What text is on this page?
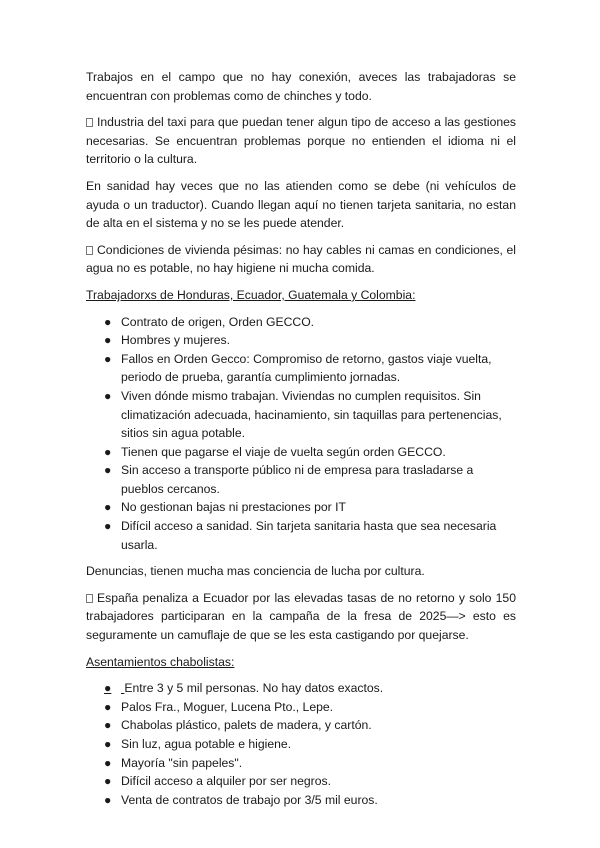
Trabajos en el campo que no hay conexión, aveces las trabajadoras se encuentran con problemas como de chinches y todo.

Industria del taxi para que puedan tener algun tipo de acceso a las gestiones necesarias. Se encuentran problemas porque no entienden el idioma ni el territorio o la cultura.

En sanidad hay veces que no las atienden como se debe (ni vehículos de ayuda o un traductor). Cuando llegan aquí no tienen tarjeta sanitaria, no estan de alta en el sistema y no se les puede atender.

Condiciones de vivienda pésimas: no hay cables ni camas en condiciones, el agua no es potable, no hay higiene ni mucha comida.

Trabajadorxs de Honduras, Ecuador, Guatemala y Colombia:

● Contrato de origen, Orden GECCO.
● Hombres y mujeres.
● Fallos en Orden Gecco: Compromiso de retorno, gastos viaje vuelta, periodo de prueba, garantía cumplimiento jornadas.
● Viven dónde mismo trabajan. Viviendas no cumplen requisitos. Sin climatización adecuada, hacinamiento, sin taquillas para pertenencias, sitios sin agua potable.
● Tienen que pagarse el viaje de vuelta según orden GECCO.
● Sin acceso a transporte público ni de empresa para trasladarse a pueblos cercanos.
● No gestionan bajas ni prestaciones por IT
● Difícil acceso a sanidad. Sin tarjeta sanitaria hasta que sea necesaria usarla.

Denuncias, tienen mucha mas conciencia de lucha por cultura.

España penaliza a Ecuador por las elevadas tasas de no retorno y solo 150 trabajadores participaran en la campaña de la fresa de 2025—> esto es seguramente un camuflaje de que se les esta castigando por quejarse.

Asentamientos chabolistas:

● Entre 3 y 5 mil personas. No hay datos exactos.
● Palos Fra., Moguer, Lucena Pto., Lepe.
● Chabolas plástico, palets de madera, y cartón.
● Sin luz, agua potable e higiene.
● Mayoría "sin papeles".
● Difícil acceso a alquiler por ser negros.
● Venta de contratos de trabajo por 3/5 mil euros.
